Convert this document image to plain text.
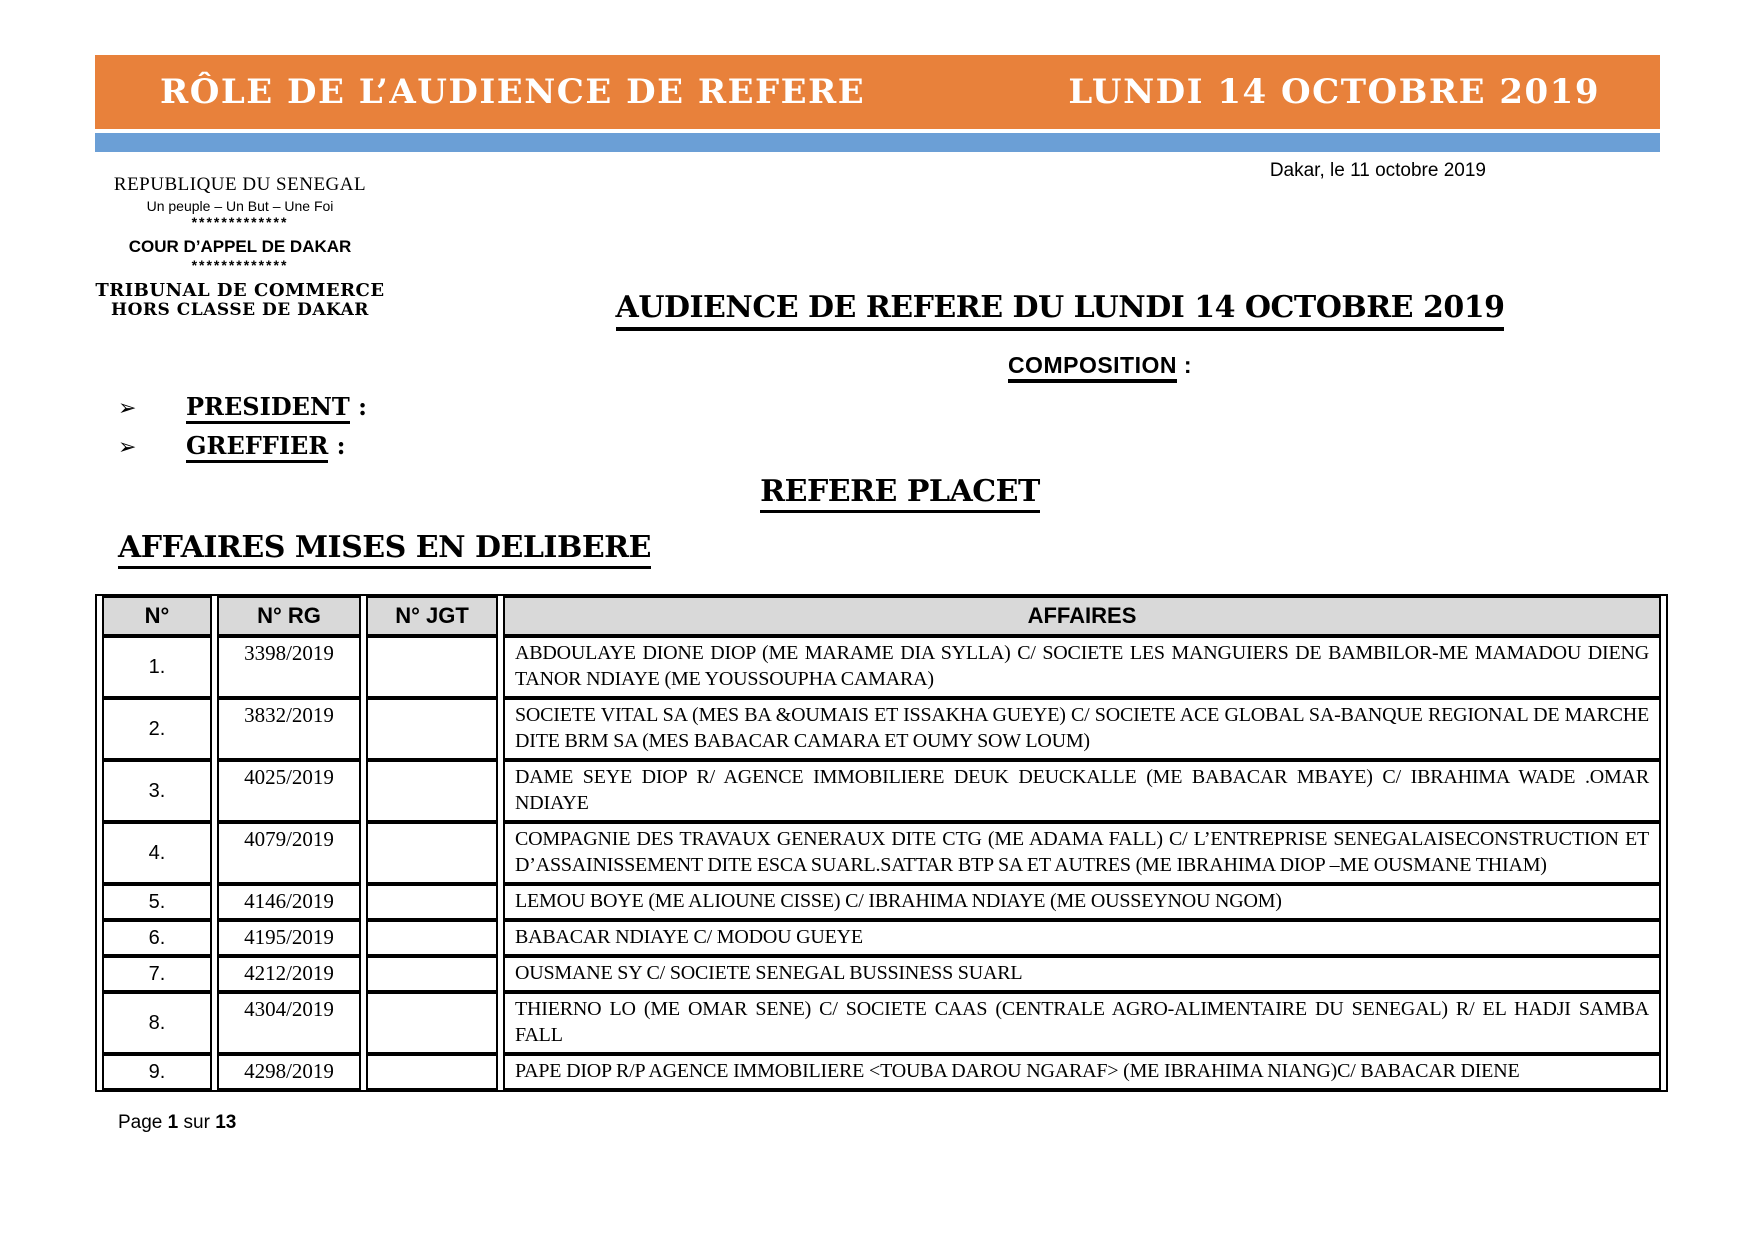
RÔLE DE L’AUDIENCE DE REFERE	LUNDI 14 OCTOBRE 2019
Dakar, le 11 octobre 2019
REPUBLIQUE DU SENEGAL
Un peuple – Un But – Une Foi
*************
COUR D’APPEL DE DAKAR
*************
TRIBUNAL DE COMMERCE
HORS CLASSE DE DAKAR	AUDIENCE DE REFERE DU LUNDI 14 OCTOBRE 2019
COMPOSITION :
➢ PRESIDENT :
➢ GREFFIER :
REFERE PLACET
AFFAIRES MISES EN DELIBERE
N°	N° RG	N° JGT	AFFAIRES
1.	3398/2019		ABDOULAYE DIONE DIOP (ME MARAME DIA SYLLA) C/ SOCIETE LES MANGUIERS DE BAMBILOR-ME MAMADOU DIENG TANOR NDIAYE (ME YOUSSOUPHA CAMARA)
2.	3832/2019		SOCIETE VITAL SA (MES BA &OUMAIS ET ISSAKHA GUEYE) C/ SOCIETE ACE GLOBAL SA-BANQUE REGIONAL DE MARCHE DITE BRM SA (MES BABACAR CAMARA ET OUMY SOW LOUM)
3.	4025/2019		DAME SEYE DIOP R/ AGENCE IMMOBILIERE DEUK DEUCKALLE (ME BABACAR MBAYE) C/ IBRAHIMA WADE .OMAR NDIAYE
4.	4079/2019		COMPAGNIE DES TRAVAUX GENERAUX DITE CTG (ME ADAMA FALL) C/ L’ENTREPRISE SENEGALAISECONSTRUCTION ET D’ASSAINISSEMENT DITE ESCA SUARL.SATTAR BTP SA ET AUTRES (ME IBRAHIMA DIOP –ME OUSMANE THIAM)
5.	4146/2019		LEMOU BOYE (ME ALIOUNE CISSE) C/ IBRAHIMA NDIAYE (ME OUSSEYNOU NGOM)
6.	4195/2019		BABACAR NDIAYE C/ MODOU GUEYE
7.	4212/2019		OUSMANE SY C/ SOCIETE SENEGAL BUSSINESS SUARL
8.	4304/2019		THIERNO LO (ME OMAR SENE) C/ SOCIETE CAAS (CENTRALE AGRO-ALIMENTAIRE DU SENEGAL) R/ EL HADJI SAMBA FALL
9.	4298/2019		PAPE DIOP R/P AGENCE IMMOBILIERE <TOUBA DAROU NGARAF> (ME IBRAHIMA NIANG)C/ BABACAR DIENE
Page 1 sur 13
